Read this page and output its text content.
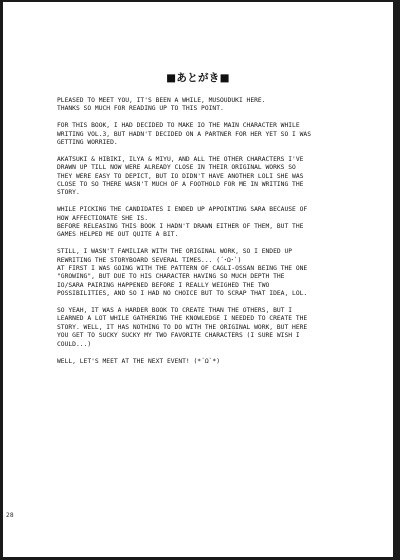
■あとがき■

PLEASED TO MEET YOU, IT'S BEEN A WHILE, MUSOUDUKI HERE.
THANKS SO MUCH FOR READING UP TO THIS POINT.

FOR THIS BOOK, I HAD DECIDED TO MAKE IO THE MAIN CHARACTER WHILE
WRITING VOL.3, BUT HADN'T DECIDED ON A PARTNER FOR HER YET SO I WAS
GETTING WORRIED.

AKATSUKI & HIBIKI, ILYA & MIYU, AND ALL THE OTHER CHARACTERS I'VE
DRAWN UP TILL NOW WERE ALREADY CLOSE IN THEIR ORIGINAL WORKS SO
THEY WERE EASY TO DEPICT, BUT IO DIDN'T HAVE ANOTHER LOLI SHE WAS
CLOSE TO SO THERE WASN'T MUCH OF A FOOTHOLD FOR ME IN WRITING THE
STORY.

WHILE PICKING THE CANDIDATES I ENDED UP APPOINTING SARA BECAUSE OF
HOW AFFECTIONATE SHE IS.
BEFORE RELEASING THIS BOOK I HADN'T DRAWN EITHER OF THEM, BUT THE
GAMES HELPED ME OUT QUITE A BIT.

STILL, I WASN'T FAMILIAR WITH THE ORIGINAL WORK, SO I ENDED UP
REWRITING THE STORYBOARD SEVERAL TIMES... (´･Ω･`)
AT FIRST I WAS GOING WITH THE PATTERN OF CAGLI-OSSAN BEING THE ONE
"GROWING", BUT DUE TO HIS CHARACTER HAVING SO MUCH DEPTH THE
IO/SARA PAIRING HAPPENED BEFORE I REALLY WEIGHED THE TWO
POSSIBILITIES, AND SO I HAD NO CHOICE BUT TO SCRAP THAT IDEA, LOL.

SO YEAH, IT WAS A HARDER BOOK TO CREATE THAN THE OTHERS, BUT I
LEARNED A LOT WHILE GATHERING THE KNOWLEDGE I NEEDED TO CREATE THE
STORY. WELL, IT HAS NOTHING TO DO WITH THE ORIGINAL WORK, BUT HERE
YOU GET TO SUCKY SUCKY MY TWO FAVORITE CHARACTERS (I SURE WISH I
COULD...)

WELL, LET'S MEET AT THE NEXT EVENT! (*´Ω`*)

28
